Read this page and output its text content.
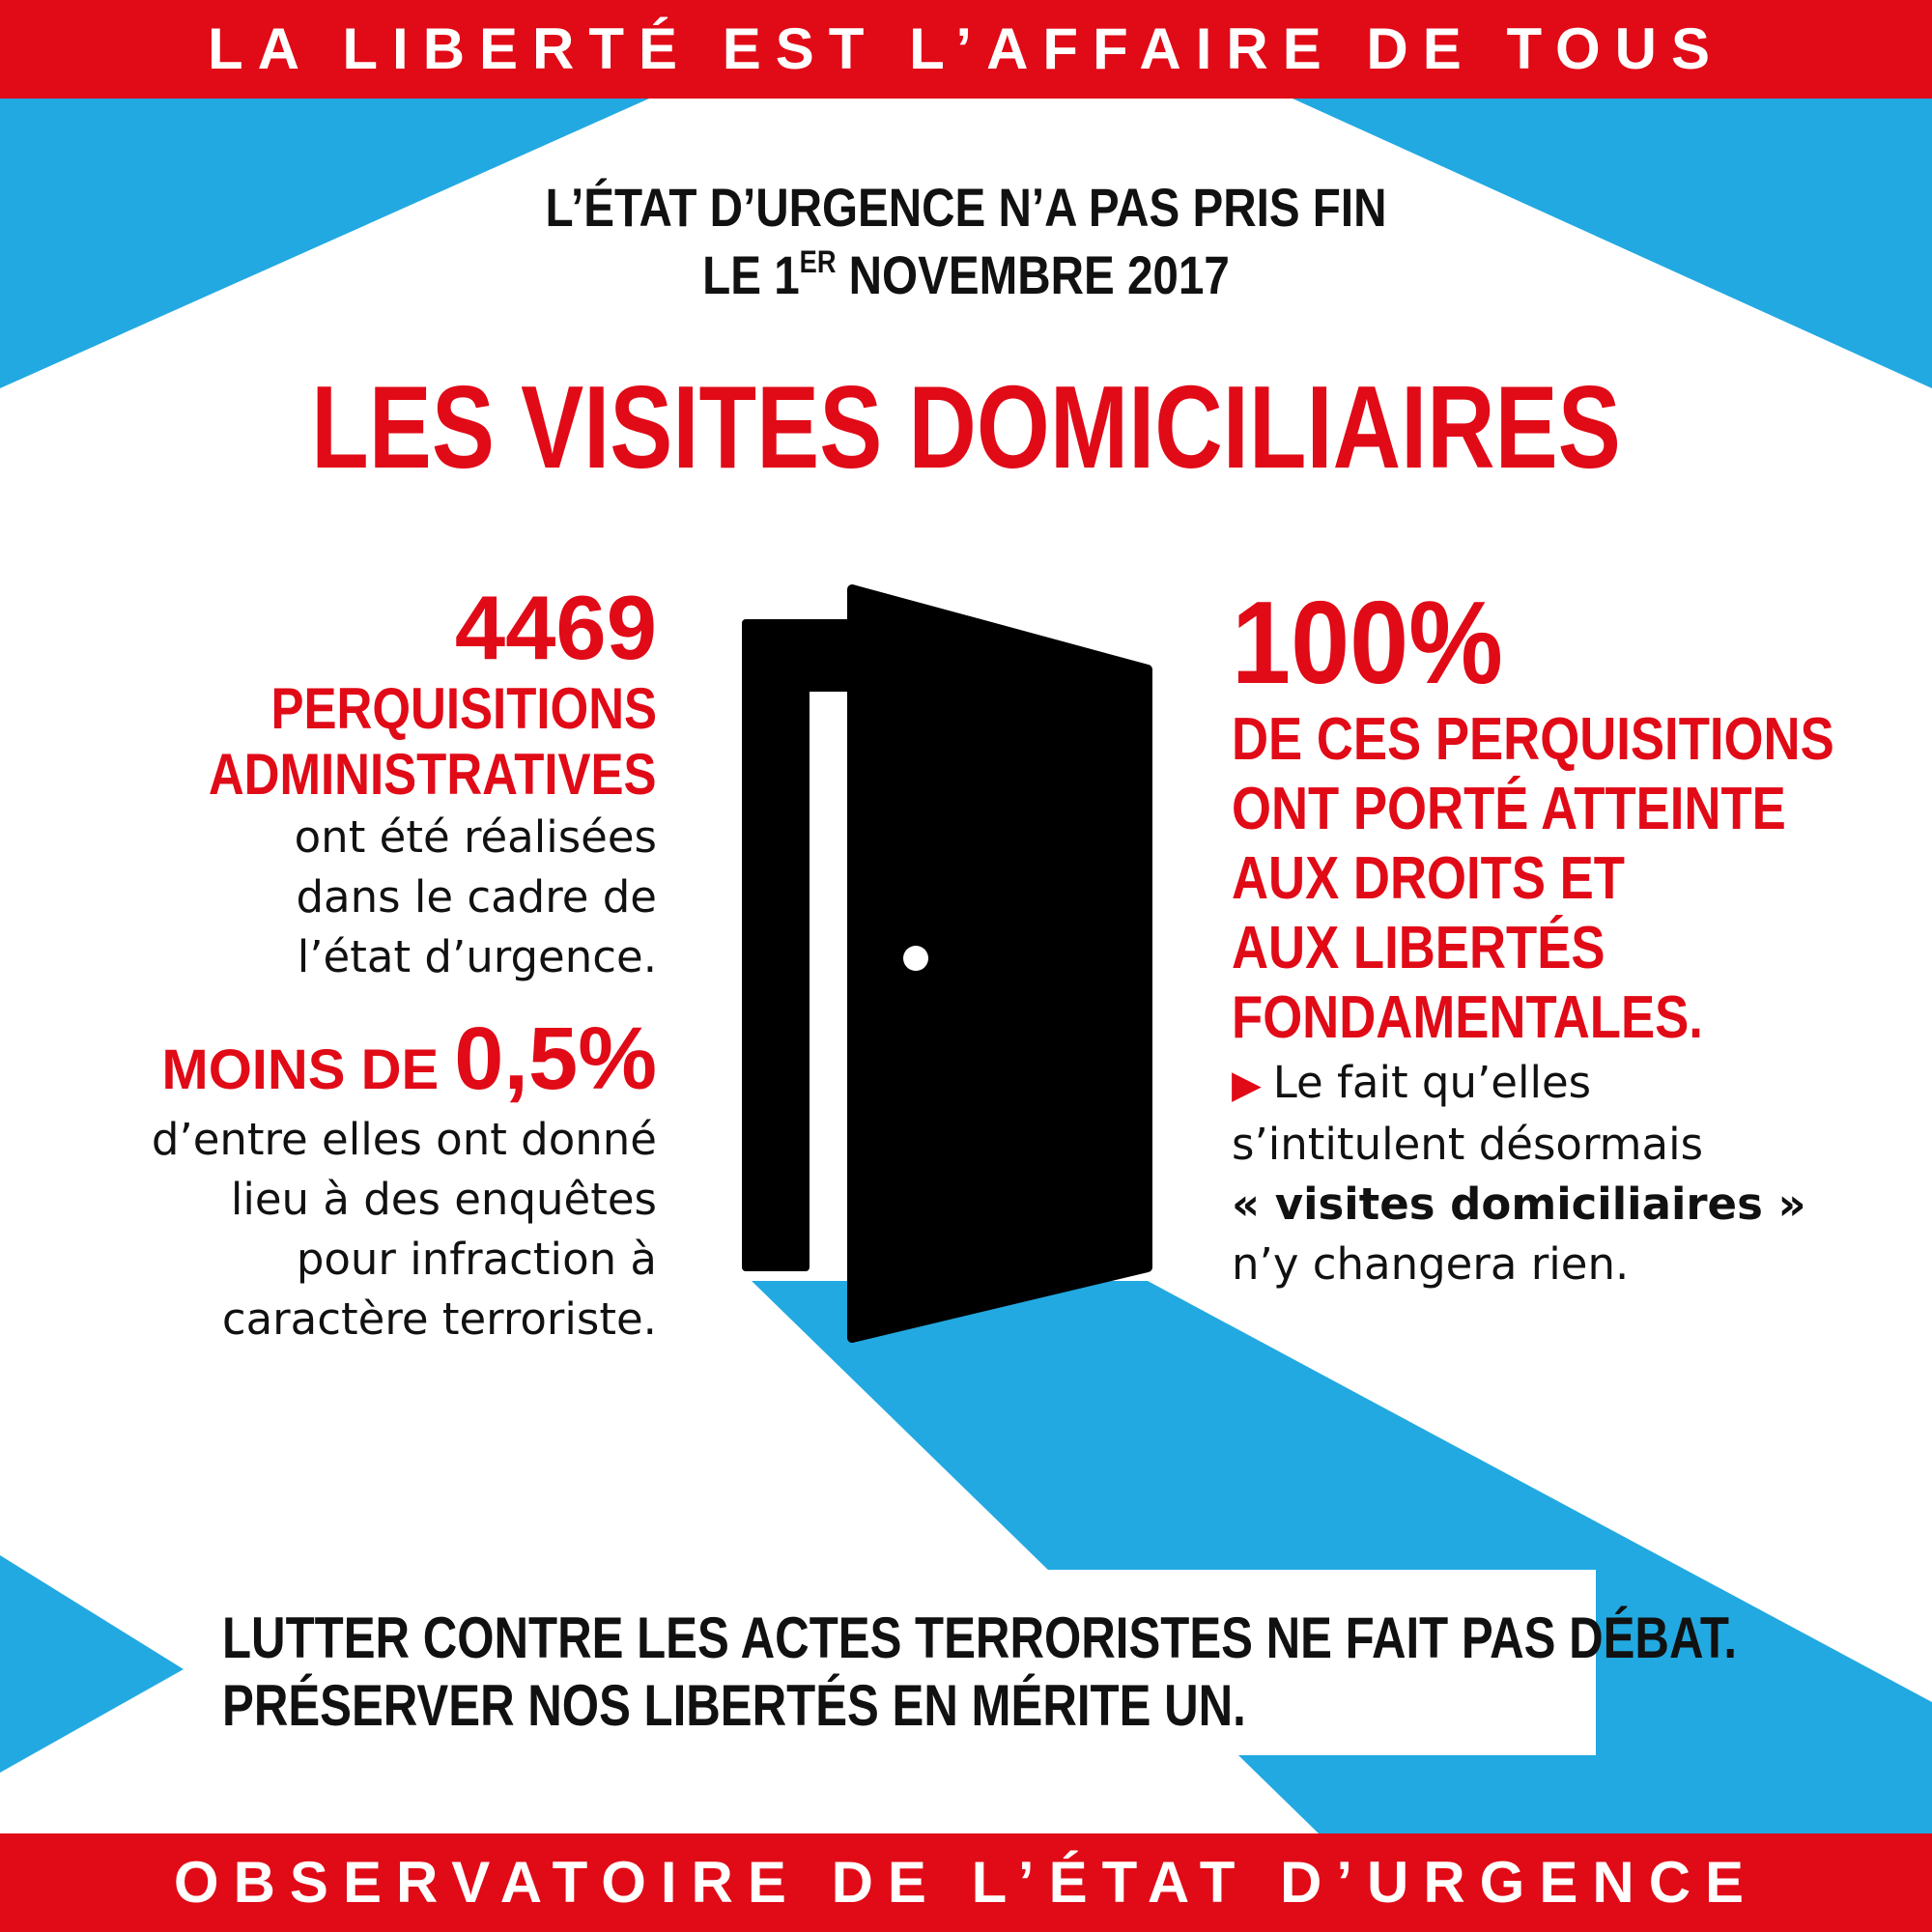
LA LIBERTÉ EST L’AFFAIRE DE TOUS
L’ÉTAT D’URGENCE N’A PAS PRIS FIN
LE 1ER NOVEMBRE 2017
LES VISITES DOMICILIAIRES
4469
PERQUISITIONS
ADMINISTRATIVES
ont été réalisées
dans le cadre de
l’état d’urgence.
MOINS DE 0,5%
d’entre elles ont donné
lieu à des enquêtes
pour infraction à
caractère terroriste.
100%
DE CES PERQUISITIONS
ONT PORTÉ ATTEINTE
AUX DROITS ET
AUX LIBERTÉS
FONDAMENTALES.
▶ Le fait qu’elles
s’intitulent désormais
« visites domiciliaires »
n’y changera rien.
LUTTER CONTRE LES ACTES TERRORISTES NE FAIT PAS DÉBAT.
PRÉSERVER NOS LIBERTÉS EN MÉRITE UN.
OBSERVATOIRE DE L’ÉTAT D’URGENCE
